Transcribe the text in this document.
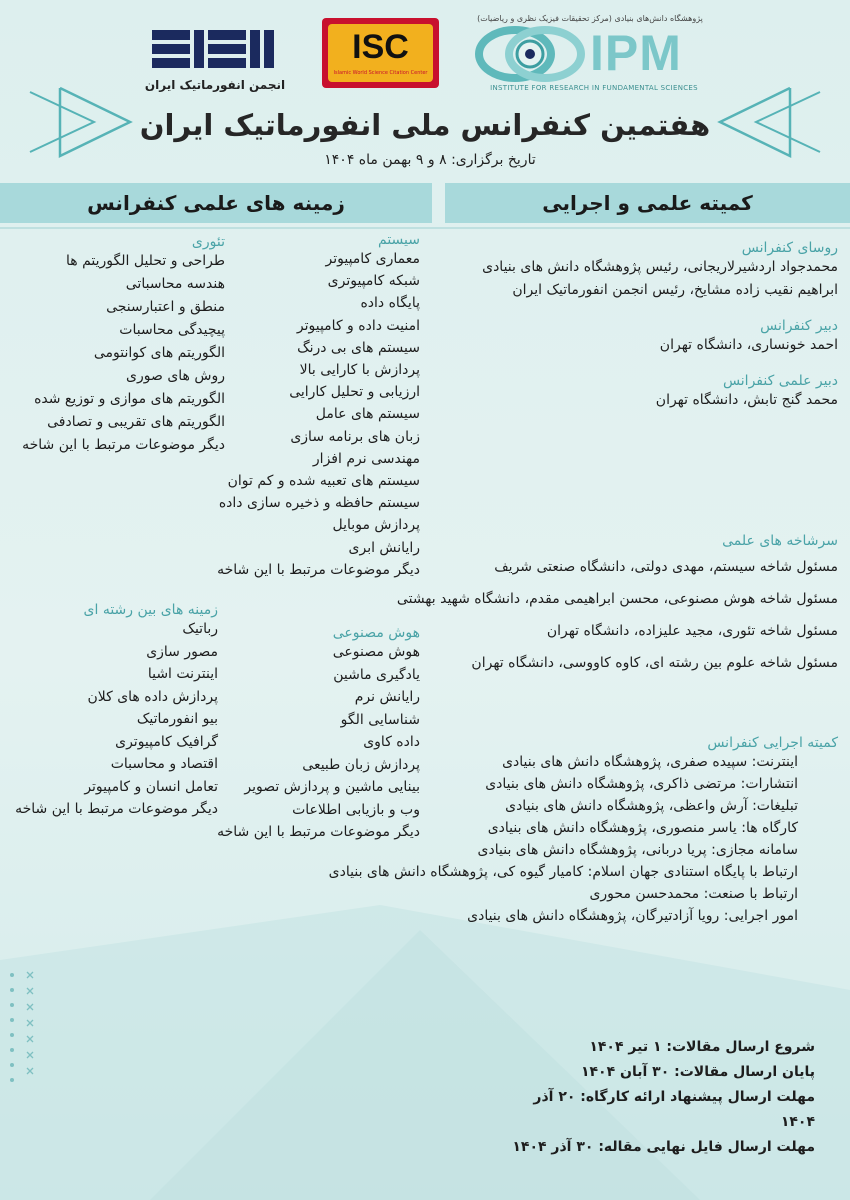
انجمن انفورماتیک ایران
ISC
Islamic World Science Citation Center
پژوهشگاه دانش‌های بنیادی (مرکز تحقیقات فیزیک نظری و ریاضیات)
IPM
INSTITUTE FOR RESEARCH IN FUNDAMENTAL SCIENCES
هفتمین کنفرانس ملی انفورماتیک ایران
تاریخ برگزاری: ۸ و ۹ بهمن ماه ۱۴۰۴
کمیته علمی و اجرایی
زمینه های علمی کنفرانس
روسای کنفرانس
محمدجواد اردشیرلاریجانی، رئیس پژوهشگاه دانش های بنیادی
ابراهیم نقیب زاده مشایخ، رئیس انجمن انفورماتیک ایران
دبیر کنفرانس
احمد خونساری، دانشگاه تهران
دبیر علمی کنفرانس
محمد گنج تابش، دانشگاه تهران
سرشاخه های علمی
مسئول شاخه سیستم، مهدی دولتی، دانشگاه صنعتی شریف
مسئول شاخه هوش مصنوعی، محسن ابراهیمی مقدم، دانشگاه شهید بهشتی
مسئول شاخه تئوری، مجید علیزاده، دانشگاه تهران
مسئول شاخه علوم بین رشته ای، کاوه کاووسی، دانشگاه تهران
کمیته اجرایی کنفرانس
اینترنت: سپیده صفری، پژوهشگاه دانش های بنیادی
انتشارات: مرتضی ذاکری، پژوهشگاه دانش های بنیادی
تبلیغات: آرش واعظی، پژوهشگاه دانش های بنیادی
کارگاه ها: یاسر منصوری، پژوهشگاه دانش های بنیادی
سامانه مجازی: پریا دربانی، پژوهشگاه دانش های بنیادی
ارتباط با پایگاه استنادی جهان اسلام: کامیار گیوه کی، پژوهشگاه دانش های بنیادی
ارتباط با صنعت: محمدحسن محوری
امور اجرایی: رویا آزادتیرگان، پژوهشگاه دانش های بنیادی
سیستم
معماری کامپیوتر
شبکه کامپیوتری
پایگاه داده
امنیت داده و کامپیوتر
سیستم های بی درنگ
پردازش با کارایی بالا
ارزیابی و تحلیل کارایی
سیستم های عامل
زبان های برنامه سازی
مهندسی نرم افزار
سیستم های تعبیه شده و کم توان
سیستم حافظه و ذخیره سازی داده
پردازش موبایل
رایانش ابری
دیگر موضوعات مرتبط با این شاخه
تئوری
طراحی و تحلیل الگوریتم ها
هندسه محاسباتی
منطق و اعتبارسنجی
پیچیدگی محاسبات
الگوریتم های کوانتومی
روش های صوری
الگوریتم های موازی و توزیع شده
الگوریتم های تقریبی و تصادفی
دیگر موضوعات مرتبط با این شاخه
هوش مصنوعی
هوش مصنوعی
یادگیری ماشین
رایانش نرم
شناسایی الگو
داده کاوی
پردازش زبان طبیعی
بینایی ماشین و پردازش تصویر
وب و بازیابی اطلاعات
دیگر موضوعات مرتبط با این شاخه
زمینه های بین رشته ای
رباتیک
مصور سازی
اینترنت اشیا
پردازش داده های کلان
بیو انفورماتیک
گرافیک کامپیوتری
اقتصاد و محاسبات
تعامل انسان و کامپیوتر
دیگر موضوعات مرتبط با این شاخه
شروع ارسال مقالات: ۱ تیر ۱۴۰۴
پایان ارسال مقالات: ۳۰ آبان ۱۴۰۴
مهلت ارسال پیشنهاد ارائه کارگاه: ۲۰ آذر ۱۴۰۴
مهلت ارسال فایل نهایی مقاله: ۳۰ آذر ۱۴۰۴
